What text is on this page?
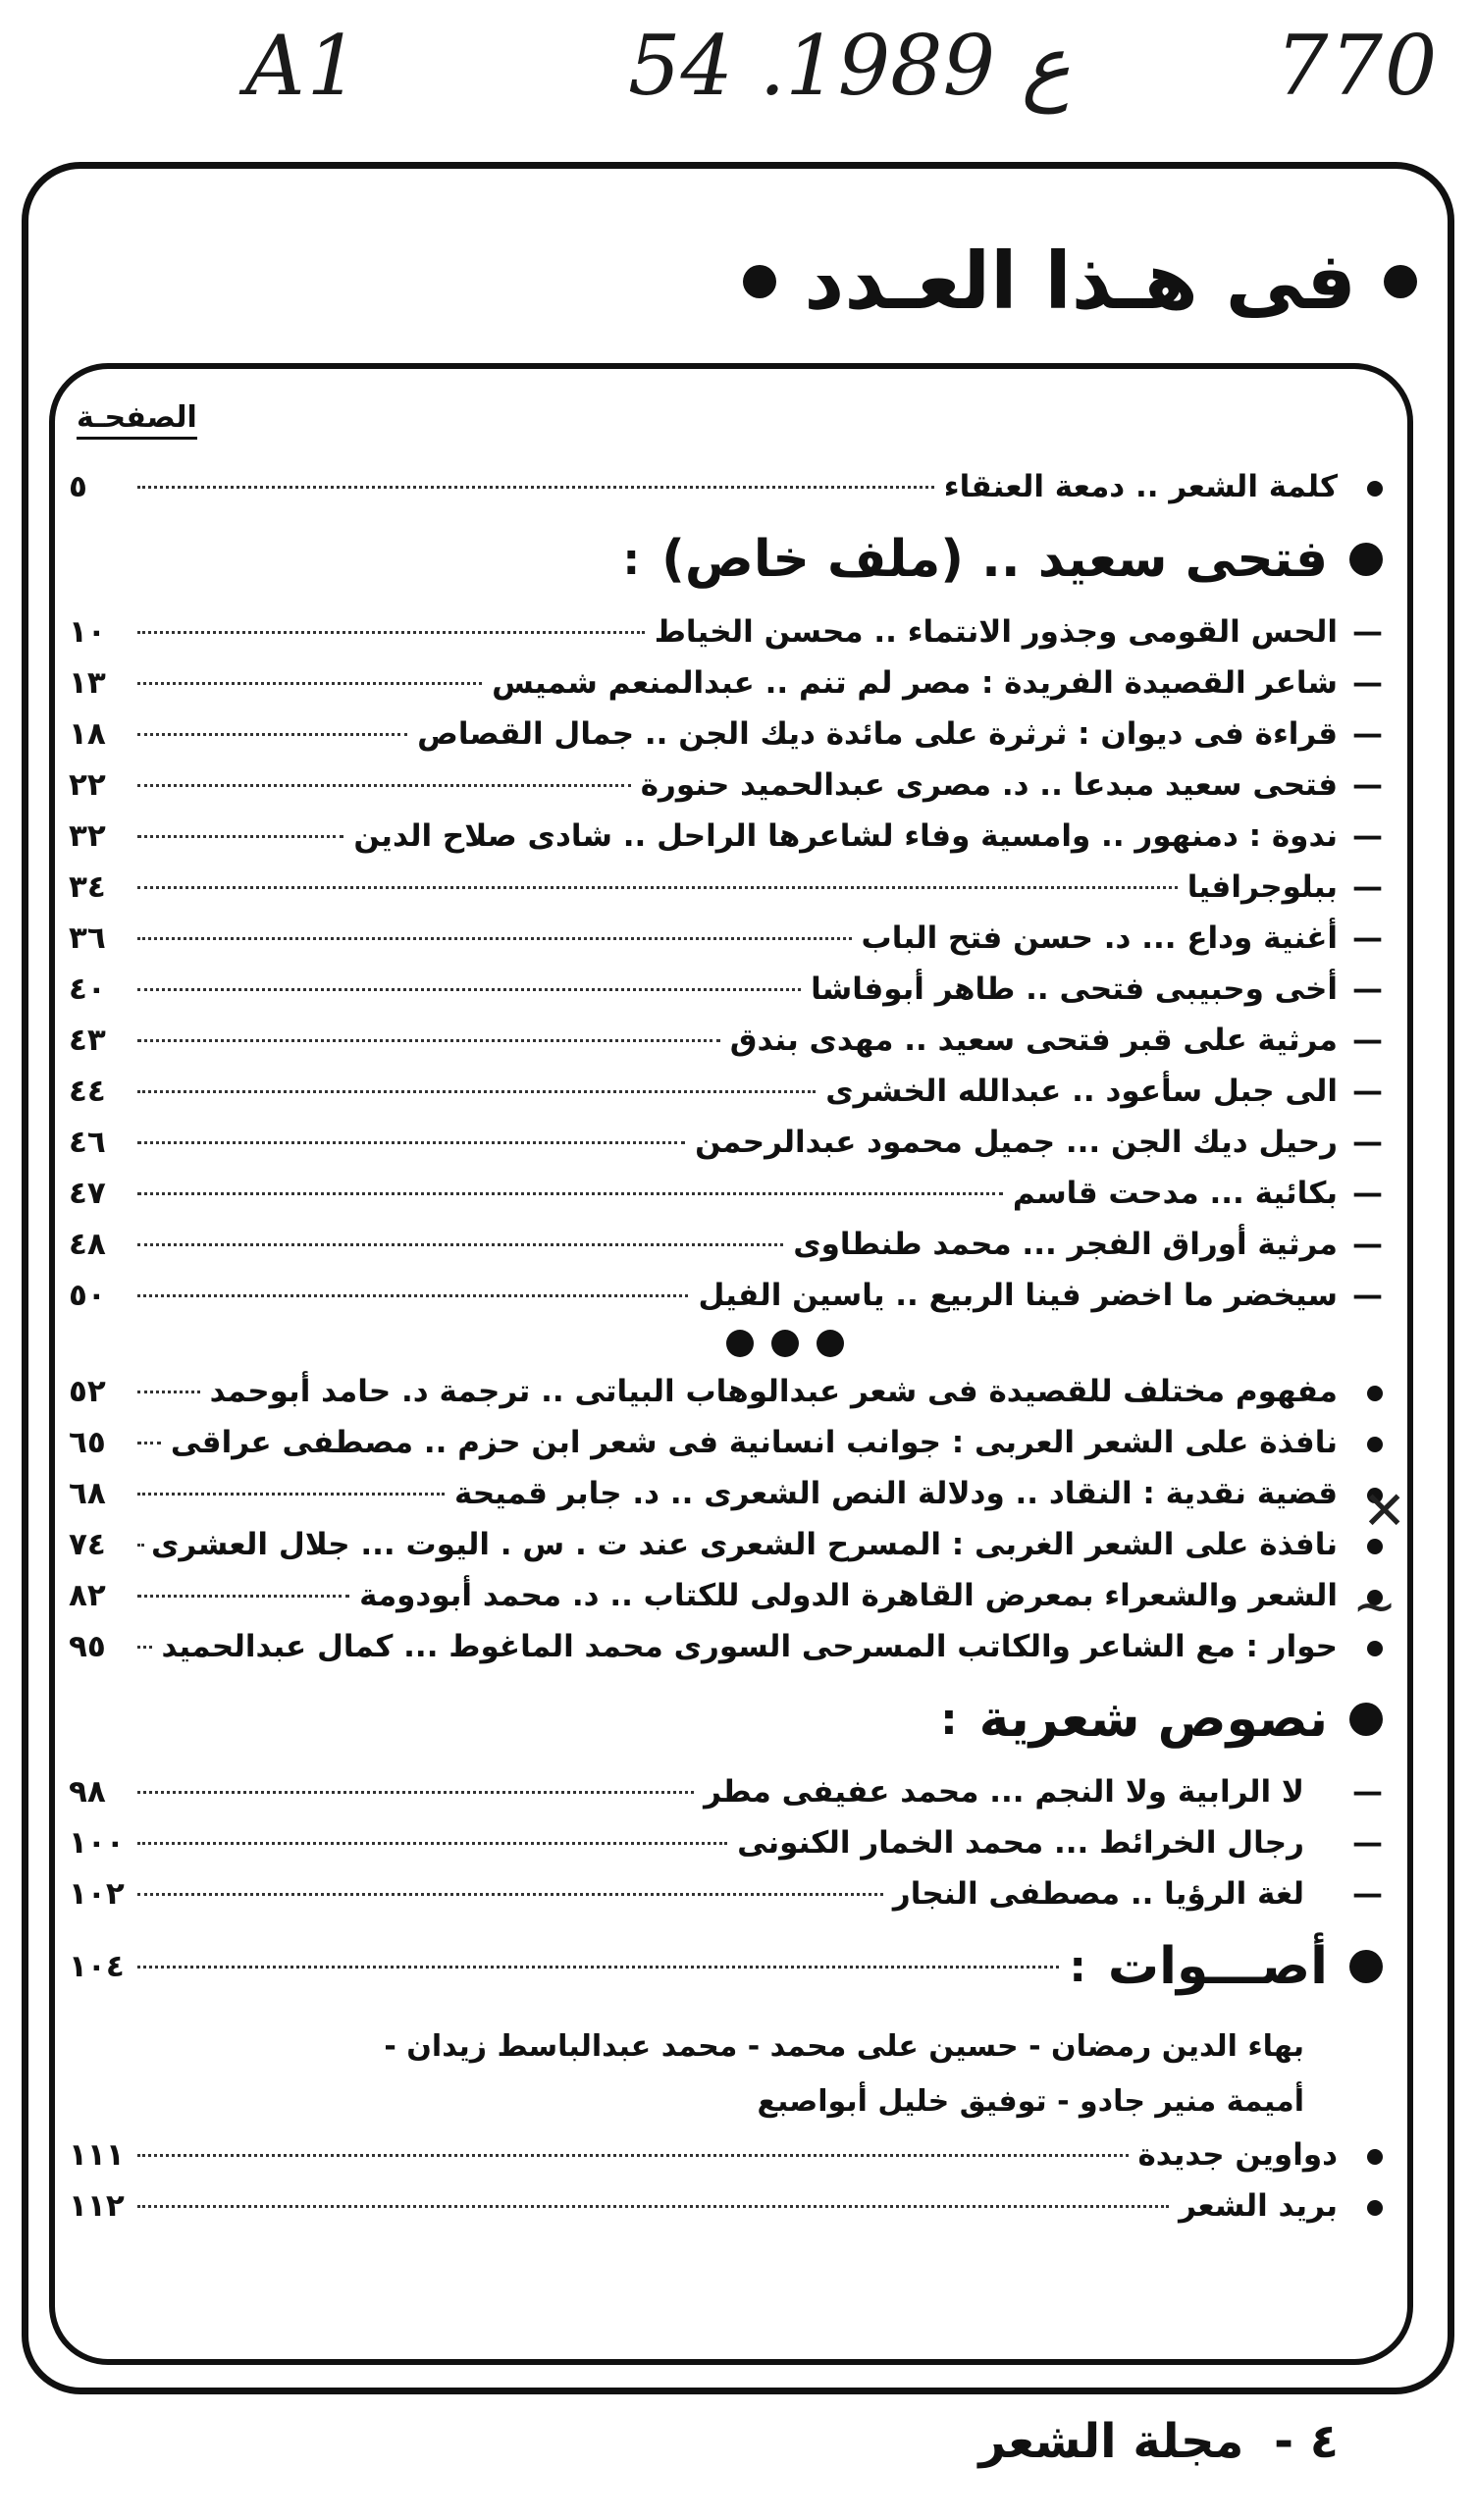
A1	54 .ع 1989 770
فى هـذا العـدد
الصفحـة
كلمة الشعر .. دمعة العنقاء
٥
فتحى سعيد .. (ملف خاص)
:
—
الحس القومى وجذور الانتماء .. محسن الخياط
١٠
—
شاعر القصيدة الفريدة : مصر لم تنم .. عبدالمنعم شميس
١٣
—
قراءة فى ديوان : ثرثرة على مائدة ديك الجن .. جمال القصاص
١٨
—
فتحى سعيد مبدعا .. د. مصرى عبدالحميد حنورة
٢٢
—
ندوة : دمنهور .. وامسية وفاء لشاعرها الراحل .. شادى صلاح الدين
٣٢
—
ببلوجرافيا
٣٤
—
أغنية وداع ... د. حسن فتح الباب
٣٦
—
أخى وحبيبى فتحى .. طاهر أبوفاشا
٤٠
—
مرثية على قبر فتحى سعيد .. مهدى بندق
٤٣
—
الى جبل سأعود .. عبدالله الخشرى
٤٤
—
رحيل ديك الجن ... جميل محمود عبدالرحمن
٤٦
—
بكائية ... مدحت قاسم
٤٧
—
مرثية أوراق الفجر ... محمد طنطاوى
٤٨
—
سيخضر ما اخضر فينا الربيع .. ياسين الفيل
٥٠
مفهوم مختلف للقصيدة فى شعر عبدالوهاب البياتى .. ترجمة د. حامد أبوحمد
٥٢
نافذة على الشعر العربى : جوانب انسانية فى شعر ابن حزم .. مصطفى عراقى
٦٥
قضية نقدية : النقاد .. ودلالة النص الشعرى .. د. جابر قميحة
٦٨
نافذة على الشعر الغربى : المسرح الشعرى عند ت . س . اليوت ... جلال العشرى
٧٤
الشعر والشعراء بمعرض القاهرة الدولى للكتاب .. د. محمد أبودومة
٨٢
حوار : مع الشاعر والكاتب المسرحى السورى محمد الماغوط ... كمال عبدالحميد
٩٥
نصوص شعرية
:
—
لا الرابية ولا النجم ... محمد عفيفى مطر
٩٨
—
رجال الخرائط ... محمد الخمار الكنونى
١٠٠
—
لغة الرؤيا .. مصطفى النجار
١٠٢
أصـــوات
:
١٠٤
بهاء الدين رمضان - حسين على محمد - محمد عبدالباسط زيدان -
أميمة منير جادو - توفيق خليل أبواصبع
دواوين جديدة
١١١
بريد الشعر
١١٢
✕
∼
٤ - مجلة الشعر
